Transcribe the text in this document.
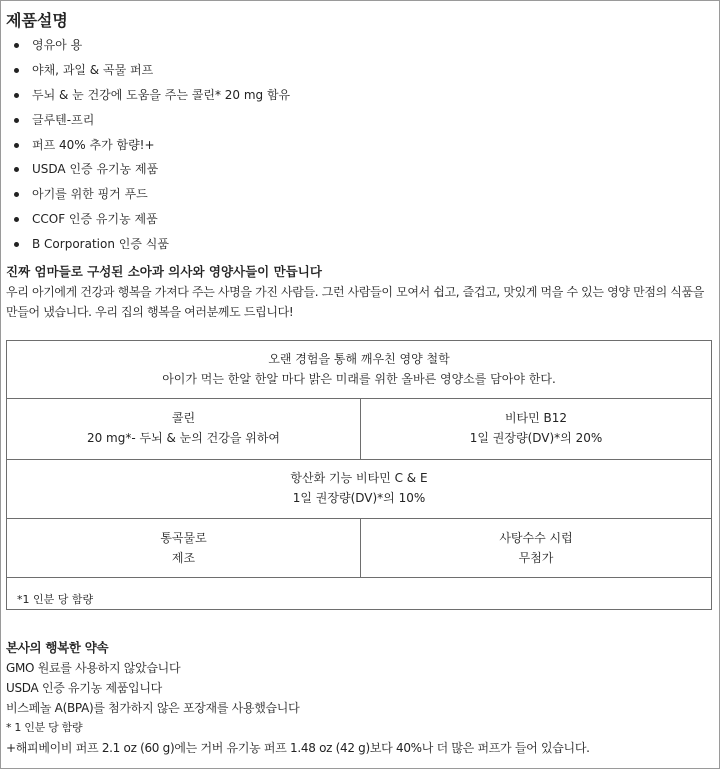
제품설명
영유아 용
야채, 과일 & 곡물 퍼프
두뇌 & 눈 건강에 도움을 주는 콜린* 20 mg 함유
글루텐-프리
퍼프 40% 추가 함량!+
USDA 인증 유기농 제품
아기를 위한 핑거 푸드
CCOF 인증 유기농 제품
B Corporation 인증 식품
진짜 엄마들로 구성된 소아과 의사와 영양사들이 만듭니다

우리 아기에게 건강과 행복을 가져다 주는 사명을 가진 사람들. 그런 사람들이 모여서 쉽고, 즐겁고, 맛있게 먹을 수 있는 영양 만점의 식품을 만들어 냈습니다. 우리 집의 행복을 여러분께도 드립니다!

오랜 경험을 통해 깨우친 영양 철학
아이가 먹는 한알 한알 마다 밝은 미래를 위한 올바른 영양소를 담아야 한다.
콜린
20 mg*- 두뇌 & 눈의 건강을 위하여
비타민 B12
1일 권장량(DV)*의 20%
항산화 기능 비타민 C & E
1일 권장량(DV)*의 10%
통곡물로
제조
사탕수수 시럽
무첨가
*1 인분 당 함량
본사의 행복한 약속
GMO 원료를 사용하지 않았습니다
USDA 인증 유기농 제품입니다
비스페놀 A(BPA)를 첨가하지 않은 포장재를 사용했습니다
* 1 인분 당 함량
+해피베이비 퍼프 2.1 oz (60 g)에는 거버 유기농 퍼프 1.48 oz (42 g)보다 40%나 더 많은 퍼프가 들어 있습니다.
